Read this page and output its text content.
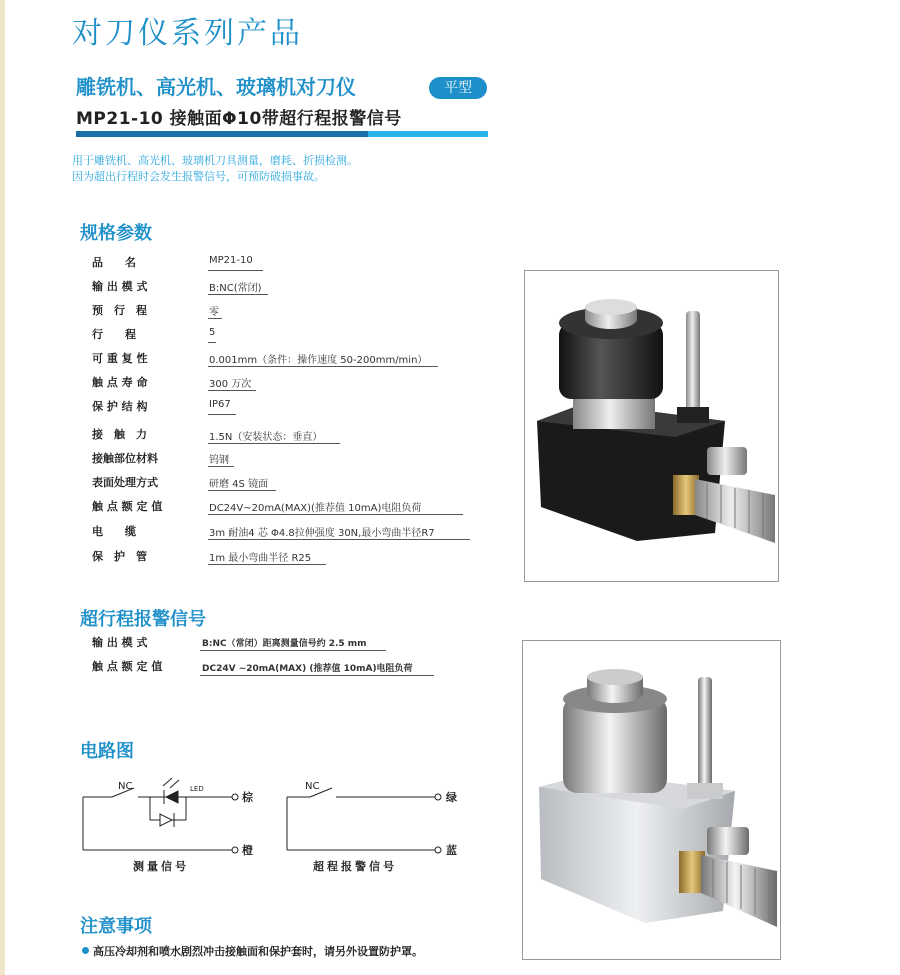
对刀仪系列产品
雕铣机、高光机、玻璃机对刀仪	平型
MP21-10 接触面Φ10带超行程报警信号
用于雕铣机、高光机、玻璃机刀具测量，磨耗、折损检测。
因为超出行程时会发生报警信号，可预防破损事故。
规格参数
品　　名	MP21-10
输 出 模 式	B:NC(常闭)
预　行　程	零
行　　程	5
可 重 复 性	0.001mm（条件：操作速度 50-200mm/min）
触 点 寿 命	300 万次
保 护 结 构	IP67
接　触　力	1.5N（安装状态：垂直）
接触部位材料	钨钢
表面处理方式	研磨 4S 镜面
触 点 额 定 值	DC24V~20mA(MAX)(推荐值 10mA)电阻负荷
电　　缆	3m 耐油4 芯 Φ4.8拉伸强度 30N,最小弯曲半径R7
保　护　管	1m 最小弯曲半径 R25
超行程报警信号
输 出 模 式	B:NC（常闭）距离测量信号约 2.5 mm
触 点 额 定 值	DC24V ~20mA(MAX) (推荐值 10mA)电阻负荷
电路图
NC	LED
棕
橙
测量信号
NC
绿
蓝
超程报警信号
注意事项
高压冷却剂和喷水剧烈冲击接触面和保护套时，请另外设置防护罩。
